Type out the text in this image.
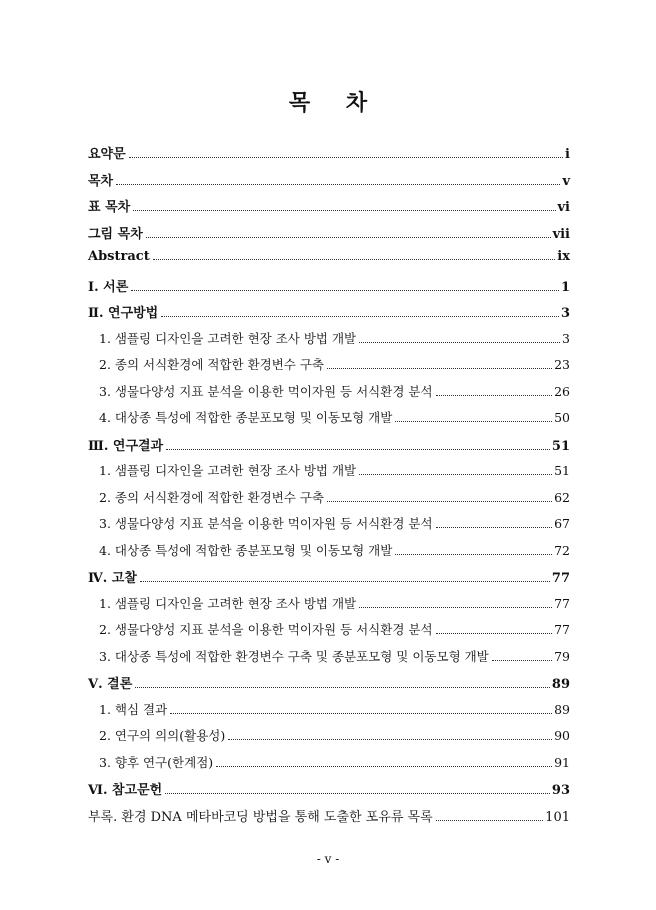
목 차
요약문	i
목차	v
표 목차	vi
그림 목차	vii
Abstract	ix
Ⅰ. 서론	1
Ⅱ. 연구방법	3
1. 샘플링 디자인을 고려한 현장 조사 방법 개발	3
2. 종의 서식환경에 적합한 환경변수 구축	23
3. 생물다양성 지표 분석을 이용한 먹이자원 등 서식환경 분석	26
4. 대상종 특성에 적합한 종분포모형 및 이동모형 개발	50
Ⅲ. 연구결과	51
1. 샘플링 디자인을 고려한 현장 조사 방법 개발	51
2. 종의 서식환경에 적합한 환경변수 구축	62
3. 생물다양성 지표 분석을 이용한 먹이자원 등 서식환경 분석	67
4. 대상종 특성에 적합한 종분포모형 및 이동모형 개발	72
Ⅳ. 고찰	77
1. 샘플링 디자인을 고려한 현장 조사 방법 개발	77
2. 생물다양성 지표 분석을 이용한 먹이자원 등 서식환경 분석	77
3. 대상종 특성에 적합한 환경변수 구축 및 종분포모형 및 이동모형 개발	79
Ⅴ. 결론	89
1. 핵심 결과	89
2. 연구의 의의(활용성)	90
3. 향후 연구(한계점)	91
Ⅵ. 참고문헌	93
부록. 환경 DNA 메타바코딩 방법을 통해 도출한 포유류 목록	101
- v -
